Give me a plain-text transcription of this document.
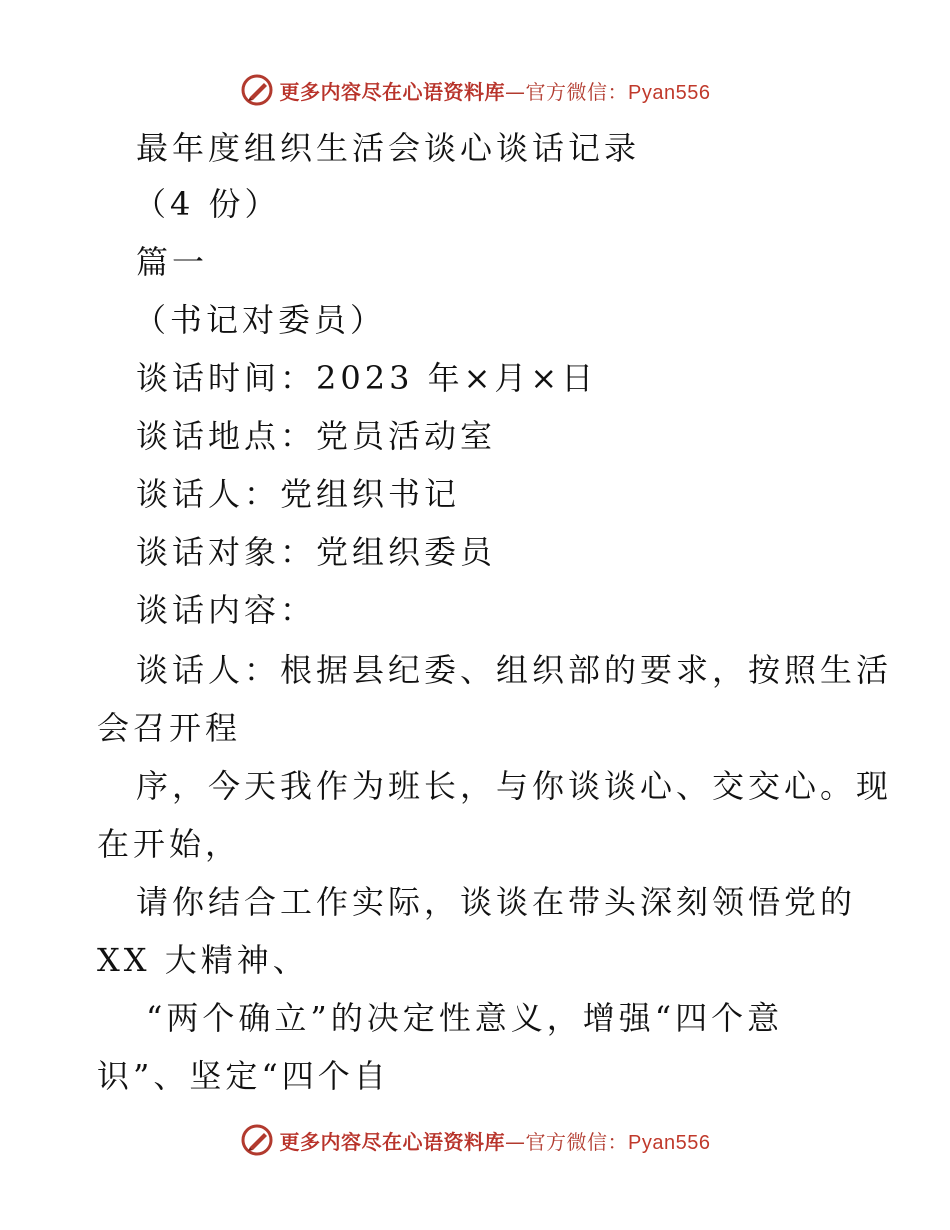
更多内容尽在心语资料库—官方微信：Pyan556
最年度组织生活会谈心谈话记录
（4 份）
篇一
（书记对委员）
谈话时间：2023 年×月×日
谈话地点：党员活动室
谈话人：党组织书记
谈话对象：党组织委员
谈话内容：
谈话人：根据县纪委、组织部的要求，按照生活
会召开程
序，今天我作为班长，与你谈谈心、交交心。现
在开始，
请你结合工作实际，谈谈在带头深刻领悟党的
XX 大精神、
“两个确立”的决定性意义，增强“四个意
识”、坚定“四个自
更多内容尽在心语资料库—官方微信：Pyan556
